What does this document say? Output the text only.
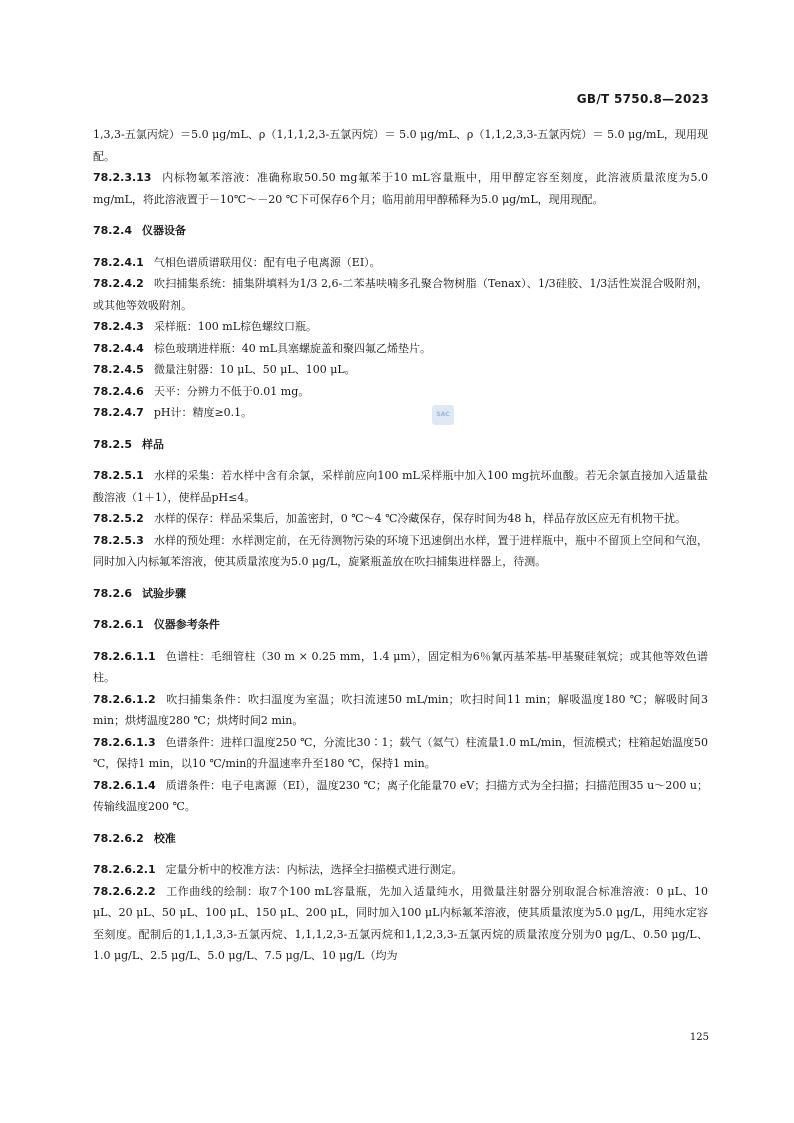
GB/T 5750.8—2023

1,3,3-五氯丙烷）＝5.0 μg/mL、ρ（1,1,1,2,3-五氯丙烷）＝ 5.0 μg/mL、ρ（1,1,2,3,3-五氯丙烷）＝ 5.0 μg/mL，现用现配。

78.2.3.13 内标物氟苯溶液：准确称取50.50 mg氟苯于10 mL容量瓶中，用甲醇定容至刻度，此溶液质量浓度为5.0 mg/mL，将此溶液置于－10℃～－20 ℃下可保存6个月；临用前用甲醇稀释为5.0 μg/mL，现用现配。

78.2.4 仪器设备

78.2.4.1 气相色谱质谱联用仪：配有电子电离源（EI）。

78.2.4.2 吹扫捕集系统：捕集阱填料为1/3 2,6-二苯基呋喃多孔聚合物树脂（Tenax）、1/3硅胶、1/3活性炭混合吸附剂，或其他等效吸附剂。

78.2.4.3 采样瓶：100 mL棕色螺纹口瓶。

78.2.4.4 棕色玻璃进样瓶：40 mL具塞螺旋盖和聚四氟乙烯垫片。

78.2.4.5 微量注射器：10 μL、50 μL、100 μL。

78.2.4.6 天平：分辨力不低于0.01 mg。

78.2.4.7 pH计：精度≥0.1。

78.2.5 样品

78.2.5.1 水样的采集：若水样中含有余氯，采样前应向100 mL采样瓶中加入100 mg抗坏血酸。若无余氯直接加入适量盐酸溶液（1＋1），使样品pH≤4。

78.2.5.2 水样的保存：样品采集后，加盖密封，0 ℃～4 ℃冷藏保存，保存时间为48 h，样品存放区应无有机物干扰。

78.2.5.3 水样的预处理：水样测定前，在无待测物污染的环境下迅速倒出水样，置于进样瓶中，瓶中不留顶上空间和气泡，同时加入内标氟苯溶液，使其质量浓度为5.0 μg/L，旋紧瓶盖放在吹扫捕集进样器上，待测。

78.2.6 试验步骤

78.2.6.1 仪器参考条件

78.2.6.1.1 色谱柱：毛细管柱（30 m × 0.25 mm，1.4 μm），固定相为6％氰丙基苯基-甲基聚硅氧烷；或其他等效色谱柱。

78.2.6.1.2 吹扫捕集条件：吹扫温度为室温；吹扫流速50 mL/min；吹扫时间11 min；解吸温度180 ℃；解吸时间3 min；烘烤温度280 ℃；烘烤时间2 min。

78.2.6.1.3 色谱条件：进样口温度250 ℃，分流比30∶1；载气（氦气）柱流量1.0 mL/min，恒流模式；柱箱起始温度50 ℃，保持1 min，以10 ℃/min的升温速率升至180 ℃，保持1 min。

78.2.6.1.4 质谱条件：电子电离源（EI），温度230 ℃；离子化能量70 eV；扫描方式为全扫描；扫描范围35 u～200 u；传输线温度200 ℃。

78.2.6.2 校准

78.2.6.2.1 定量分析中的校准方法：内标法，选择全扫描模式进行测定。

78.2.6.2.2 工作曲线的绘制：取7个100 mL容量瓶，先加入适量纯水，用微量注射器分别取混合标准溶液：0 μL、10 μL、20 μL、50 μL、100 μL、150 μL、200 μL，同时加入100 μL内标氟苯溶液，使其质量浓度为5.0 μg/L，用纯水定容至刻度。配制后的1,1,1,3,3-五氯丙烷、1,1,1,2,3-五氯丙烷和1,1,2,3,3-五氯丙烷的质量浓度分别为0 μg/L、0.50 μg/L、1.0 μg/L、2.5 μg/L、5.0 μg/L、7.5 μg/L、10 μg/L（均为

SAC
125
